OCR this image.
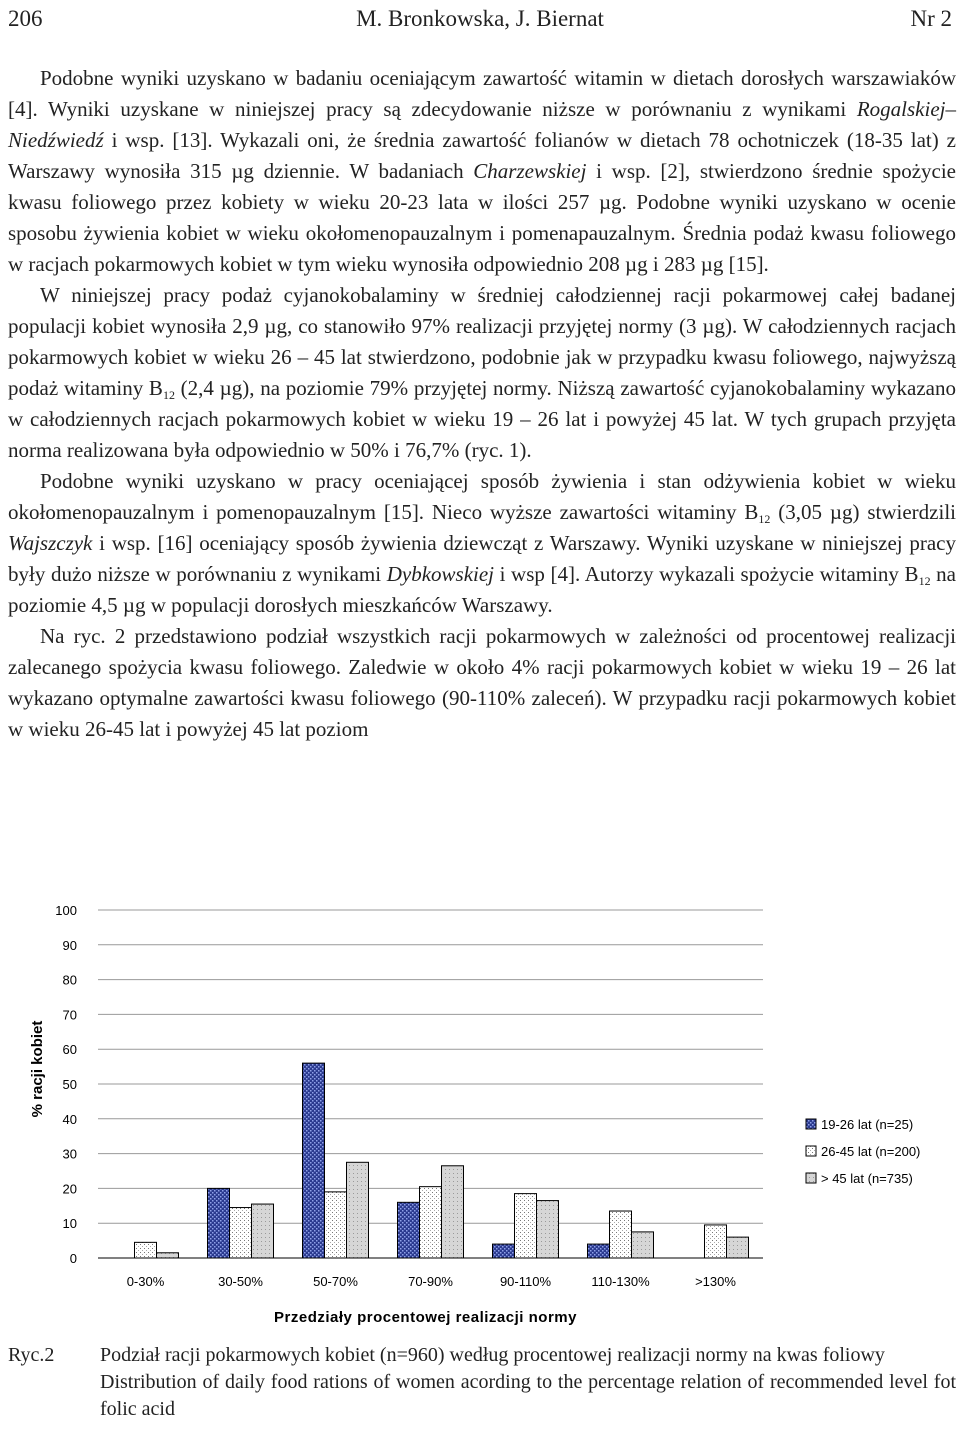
206	M. Bronkowska, J. Biernat	Nr 2

Podobne wyniki uzyskano w badaniu oceniającym zawartość witamin w dietach dorosłych warszawiaków [4]. Wyniki uzyskane w niniejszej pracy są zdecydowanie niższe w porównaniu z wynikami Rogalskiej–Niedźwiedź i wsp. [13]. Wykazali oni, że średnia zawartość folianów w dietach 78 ochotniczek (18-35 lat) z Warszawy wynosiła 315 µg dziennie. W badaniach Charzewskiej i wsp. [2], stwierdzono średnie spożycie kwasu foliowego przez kobiety w wieku 20-23 lata w ilości 257 µg. Podobne wyniki uzyskano w ocenie sposobu żywienia kobiet w wieku okołomenopauzalnym i pomenapauzalnym. Średnia podaż kwasu foliowego w racjach pokarmowych kobiet w tym wieku wynosiła odpowiednio 208 µg i 283 µg [15].

W niniejszej pracy podaż cyjanokobalaminy w średniej całodziennej racji pokarmowej całej badanej populacji kobiet wynosiła 2,9 µg, co stanowiło 97% realizacji przyjętej normy (3 µg). W całodziennych racjach pokarmowych kobiet w wieku 26 – 45 lat stwierdzono, podobnie jak w przypadku kwasu foliowego, najwyższą podaż witaminy $B_{12}$ (2,4 µg), na poziomie 79% przyjętej normy. Niższą zawartość cyjanokobalaminy wykazano w całodziennych racjach pokarmowych kobiet w wieku 19 – 26 lat i powyżej 45 lat. W tych grupach przyjęta norma realizowana była odpowiednio w 50% i 76,7% (ryc. 1).

Podobne wyniki uzyskano w pracy oceniającej sposób żywienia i stan odżywienia kobiet w wieku okołomenopauzalnym i pomenopauzalnym [15]. Nieco wyższe zawartości witaminy $B_{12}$ (3,05 µg) stwierdzili Wajszczyk i wsp. [16] oceniający sposób żywienia dziewcząt z Warszawy. Wyniki uzyskane w niniejszej pracy były dużo niższe w porównaniu z wynikami Dybkowskiej i wsp [4]. Autorzy wykazali spożycie witaminy $B_{12}$ na poziomie 4,5 µg w populacji dorosłych mieszkańców Warszawy.

Na ryc. 2 przedstawiono podział wszystkich racji pokarmowych w zależności od procentowej realizacji zalecanego spożycia kwasu foliowego. Zaledwie w około 4% racji pokarmowych kobiet w wieku 19 – 26 lat wykazano optymalne zawartości kwasu foliowego (90-110% zaleceń). W przypadku racji pokarmowych kobiet w wieku 26-45 lat i powyżej 45 lat poziom

0
10
20
30
40
50
60
70
80
90
100
0-30%	30-50%	50-70%	70-90%	90-110%	110-130%	>130%
% racji kobiet
Przedziały procentowej realizacji normy
19-26 lat (n=25)
26-45 lat (n=200)
> 45 lat (n=735)
Ryc.2 Podział racji pokarmowych kobiet (n=960) według procentowej realizacji normy na kwas foliowy
Distribution of daily food rations of women acording to the percentage relation of recommended level fot folic acid
